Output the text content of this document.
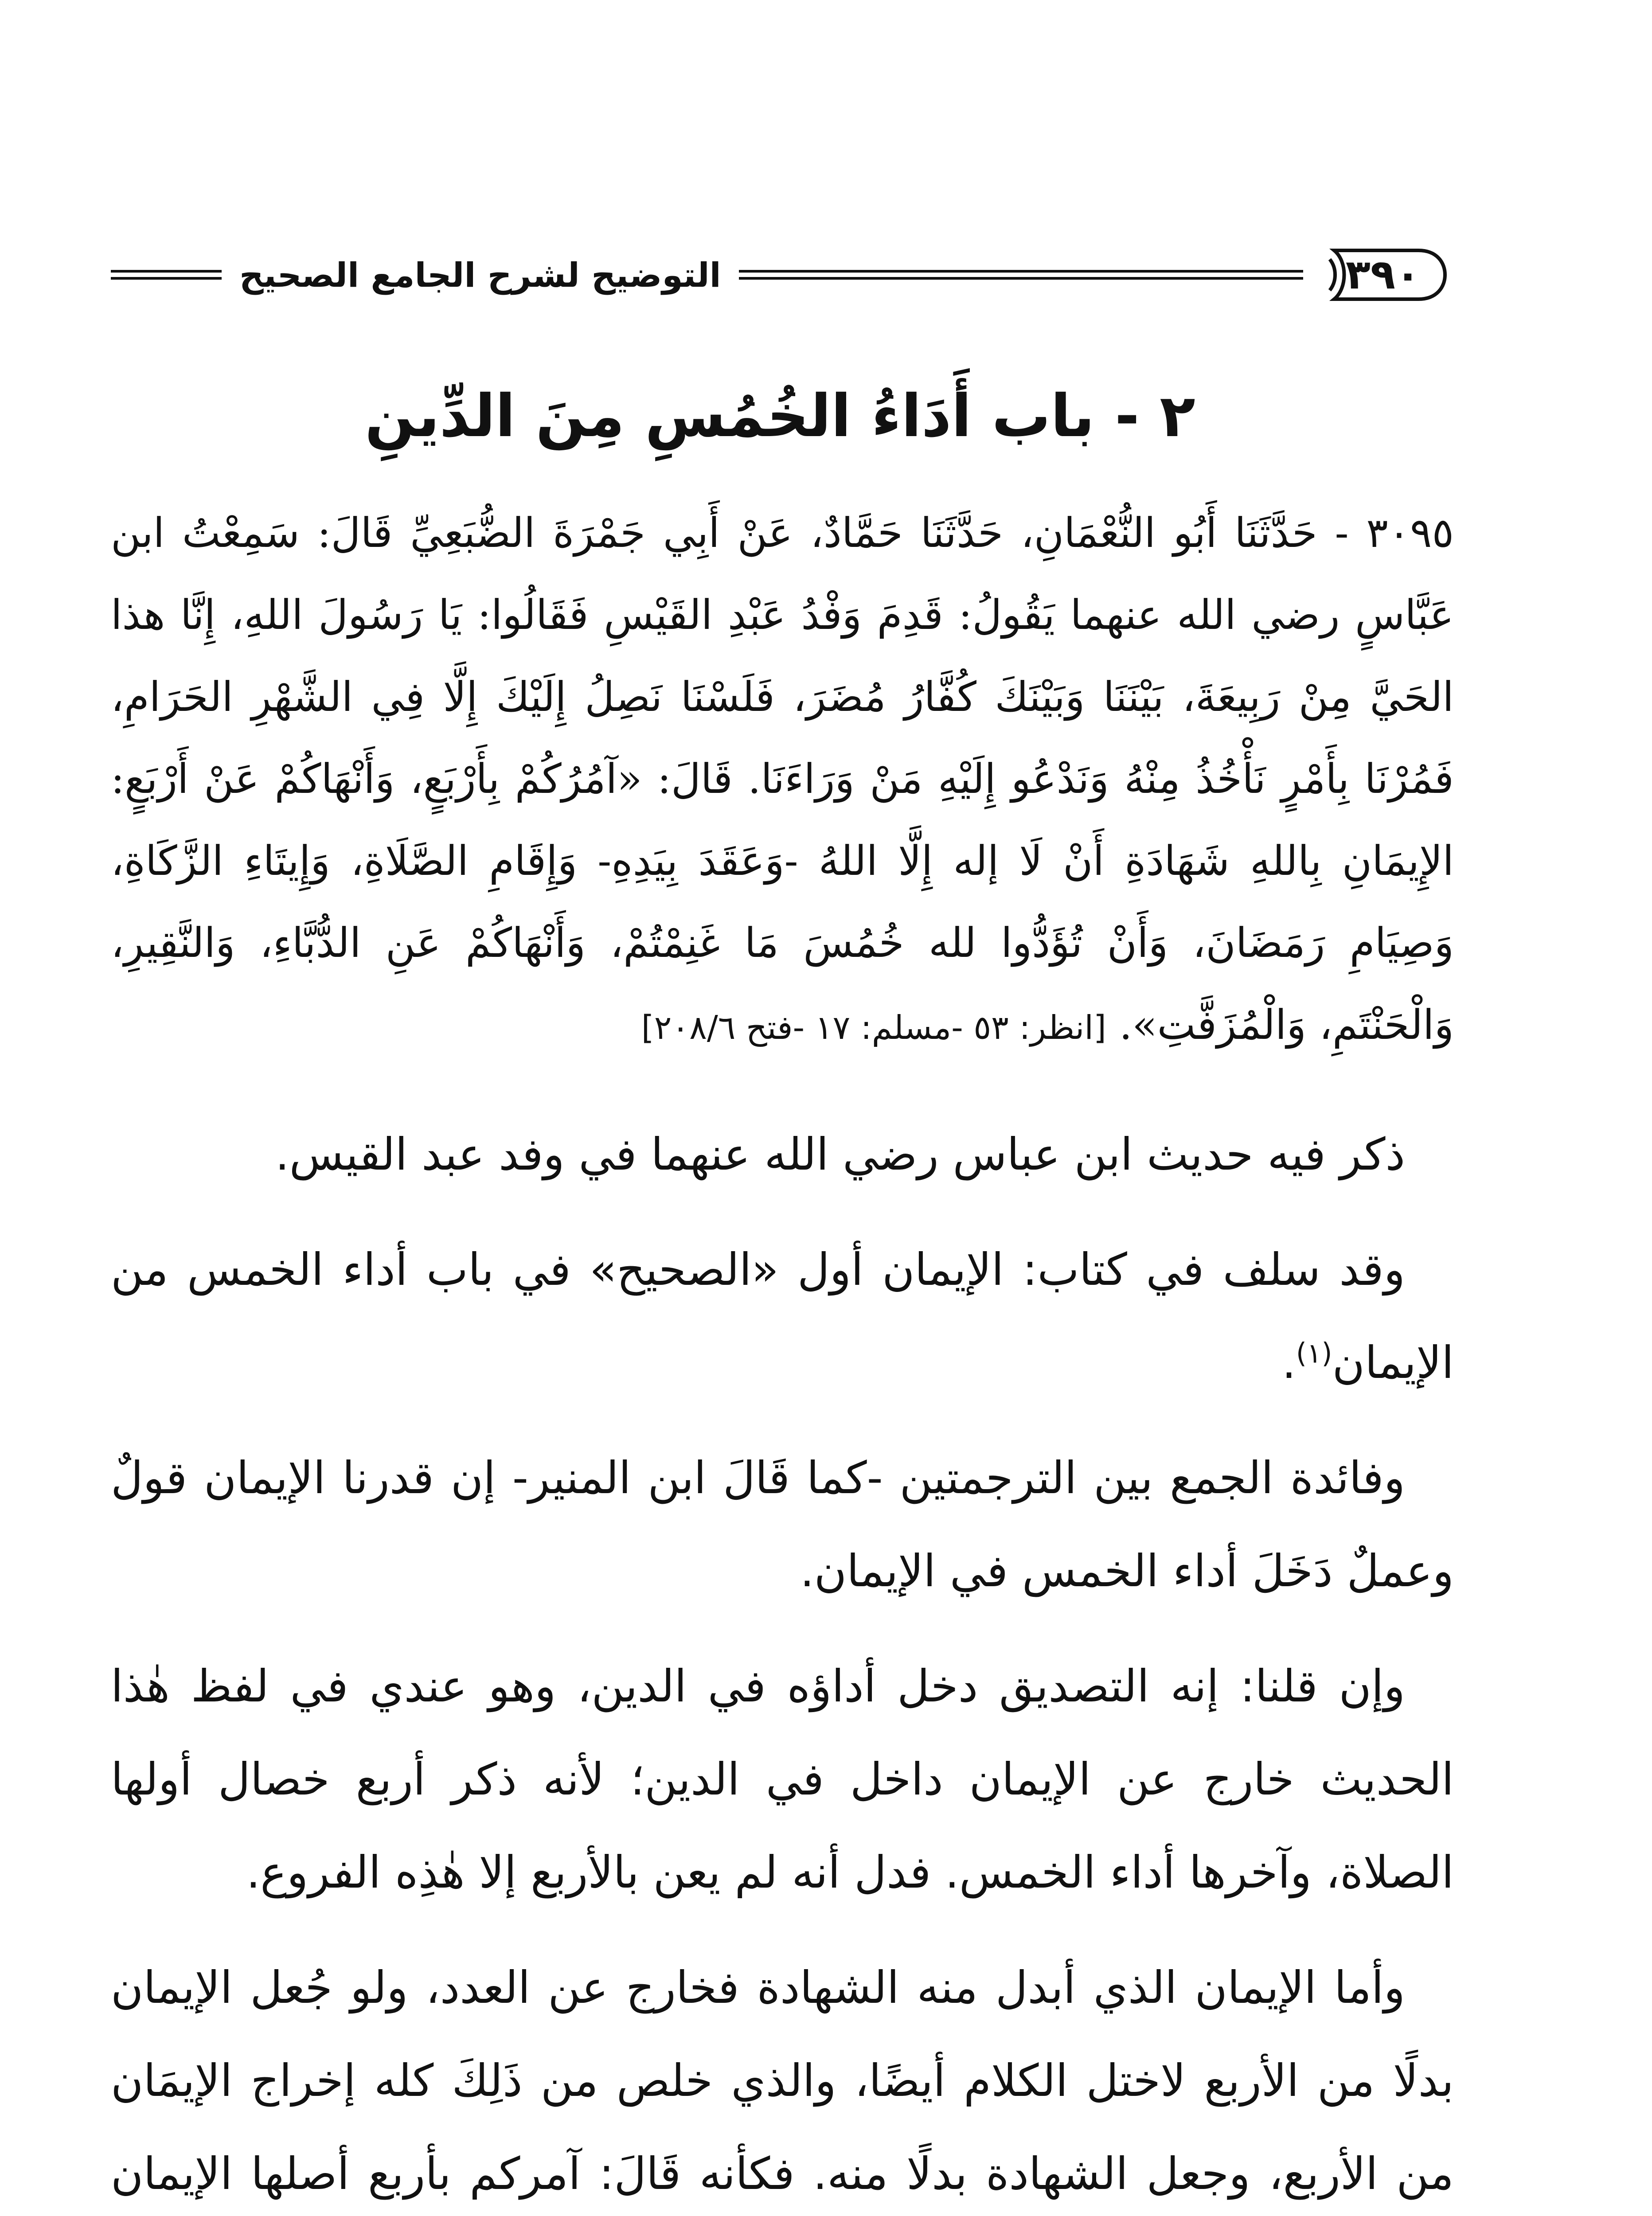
٣٩٠
التوضيح لشرح الجامع الصحيح
٢ - باب أَدَاءُ الخُمُسِ مِنَ الدِّينِ
٣٠٩٥ - حَدَّثَنَا أَبُو النُّعْمَانِ، حَدَّثَنَا حَمَّادٌ، عَنْ أَبِي جَمْرَةَ الضُّبَعِيِّ قَالَ: سَمِعْتُ ابن عَبَّاسٍ رضي الله عنهما يَقُولُ: قَدِمَ وَفْدُ عَبْدِ القَيْسِ فَقَالُوا: يَا رَسُولَ اللهِ، إِنَّا هذا الحَيَّ مِنْ رَبِيعَةَ، بَيْنَنَا وَبَيْنَكَ كُفَّارُ مُضَرَ، فَلَسْنَا نَصِلُ إِلَيْكَ إِلَّا فِي الشَّهْرِ الحَرَامِ، فَمُرْنَا بِأَمْرٍ نَأْخُذُ مِنْهُ وَنَدْعُو إِلَيْهِ مَنْ وَرَاءَنَا. قَالَ: «آمُرُكُمْ بِأَرْبَعٍ، وَأَنْهَاكُمْ عَنْ أَرْبَعٍ: الإِيمَانِ بِاللهِ شَهَادَةِ أَنْ لَا إله إِلَّا اللهُ -وَعَقَدَ بِيَدِهِ- وَإِقَامِ الصَّلَاةِ، وَإِيتَاءِ الزَّكَاةِ، وَصِيَامِ رَمَضَانَ، وَأَنْ تُؤَدُّوا لله خُمُسَ مَا غَنِمْتُمْ، وَأَنْهَاكُمْ عَنِ الدُّبَّاءِ، وَالنَّقِيرِ، وَالْحَنْتَمِ، وَالْمُزَفَّتِ». [انظر: ٥٣ -مسلم: ١٧ -فتح ٢٠٨/٦]

ذكر فيه حديث ابن عباس رضي الله عنهما في وفد عبد القيس.

وقد سلف في كتاب: الإيمان أول «الصحيح» في باب أداء الخمس من الإيمان$^{(١)}$.

وفائدة الجمع بين الترجمتين -كما قَالَ ابن المنير- إن قدرنا الإيمان قولٌ وعملٌ دَخَلَ أداء الخمس في الإيمان.

وإن قلنا: إنه التصديق دخل أداؤه في الدين، وهو عندي في لفظ هٰذا الحديث خارج عن الإيمان داخل في الدين؛ لأنه ذكر أربع خصال أولها الصلاة، وآخرها أداء الخمس. فدل أنه لم يعن بالأربع إلا هٰذِه الفروع.

وأما الإيمان الذي أبدل منه الشهادة فخارج عن العدد، ولو جُعل الإيمان بدلًا من الأربع لاختل الكلام أيضًا، والذي خلص من ذَلِكَ كله إخراج الإيمَان من الأربع، وجعل الشهادة بدلًا منه. فكأنه قَالَ: آمركم بأربع أصلها الإيمان
